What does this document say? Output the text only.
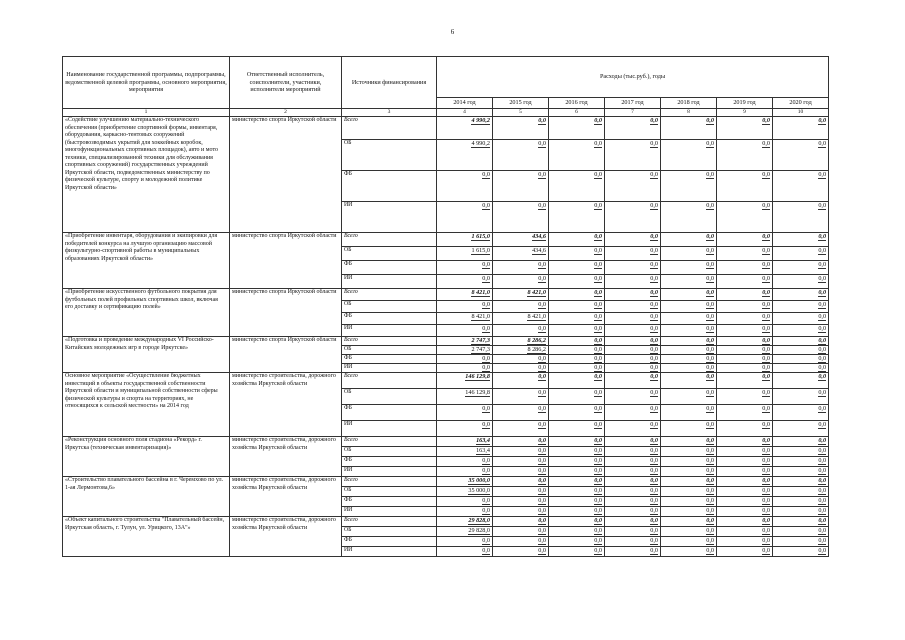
6
Наименование государственной программы, подпрограммы, ведомственной целевой программы, основного мероприятия, мероприятия	Ответственный исполнитель, соисполнители, участники, исполнители мероприятий	Источники финансирования	Расходы (тыс.руб.), годы						
			2014 год	2015 год	2016 год	2017 год	2018 год	2019 год	2020 год
1	2	3	4	5	6	7	8	9	10
«Содействие улучшению материально-технического обеспечения (приобретение спортивной формы, инвентаря, оборудования, каркасно-тентовых сооружений (быстровозводимых укрытий для хоккейных коробок, многофункциональных спортивных площадок), авто и мото техники, специализированной техники для обслуживания спортивных сооружений) государственных учреждений Иркутской области, подведомственных министерству по физической культуре, спорту и молодежной политике Иркутской области»	министерство спорта Иркутской области	Всего	4 990,2	0,0	0,0	0,0	0,0	0,0	0,0
		ОБ	4 990,2	0,0	0,0	0,0	0,0	0,0	0,0
		ФБ	0,0	0,0	0,0	0,0	0,0	0,0	0,0
		ИИ	0,0	0,0	0,0	0,0	0,0	0,0	0,0
«Приобретение инвентаря, оборудования и экипировки для победителей конкурса на лучшую организацию массовой физкультурно-спортивной работы в муниципальных образованиях Иркутской области»	министерство спорта Иркутской области	Всего	1 615,0	434,6	0,0	0,0	0,0	0,0	0,0
		ОБ	1 615,0	434,6	0,0	0,0	0,0	0,0	0,0
		ФБ	0,0	0,0	0,0	0,0	0,0	0,0	0,0
		ИИ	0,0	0,0	0,0	0,0	0,0	0,0	0,0
«Приобретение искусственного футбольного покрытия для футбольных полей профильных спортивных школ, включая его доставку и сертификацию полей»	министерство спорта Иркутской области	Всего	8 421,0	8 421,0	0,0	0,0	0,0	0,0	0,0
		ОБ	0,0	0,0	0,0	0,0	0,0	0,0	0,0
		ФБ	8 421,0	8 421,0	0,0	0,0	0,0	0,0	0,0
		ИИ	0,0	0,0	0,0	0,0	0,0	0,0	0,0
«Подготовка и проведение международных VI Российско-Китайских молодежных игр в городе Иркутске»	министерство спорта Иркутской области	Всего	2 747,3	8 286,2	0,0	0,0	0,0	0,0	0,0
		ОБ	2 747,3	8 286,2	0,0	0,0	0,0	0,0	0,0
		ФБ	0,0	0,0	0,0	0,0	0,0	0,0	0,0
		ИИ	0,0	0,0	0,0	0,0	0,0	0,0	0,0
Основное мероприятие «Осуществление бюджетных инвестиций в объекты государственной собственности Иркутской области и муниципальной собственности сферы физической культуры и спорта на территориях, не относящихся к сельской местности» на 2014 год	министерство строительства, дорожного хозяйства Иркутской области	Всего	146 129,8	0,0	0,0	0,0	0,0	0,0	0,0
		ОБ	146 129,8	0,0	0,0	0,0	0,0	0,0	0,0
		ФБ	0,0	0,0	0,0	0,0	0,0	0,0	0,0
		ИИ	0,0	0,0	0,0	0,0	0,0	0,0	0,0
«Реконструкция основного поля стадиона «Рекорд» г. Иркутска (техническая инвентаризация)»	министерство строительства, дорожного хозяйства Иркутской области	Всего	163,4	0,0	0,0	0,0	0,0	0,0	0,0
		ОБ	163,4	0,0	0,0	0,0	0,0	0,0	0,0
		ФБ	0,0	0,0	0,0	0,0	0,0	0,0	0,0
		ИИ	0,0	0,0	0,0	0,0	0,0	0,0	0,0
«Строительство плавательного бассейна в г. Черемхово по ул. 1-ая Лермонтова,6»	министерство строительства, дорожного хозяйства Иркутской области	Всего	35 000,0	0,0	0,0	0,0	0,0	0,0	0,0
		ОБ	35 000,0	0,0	0,0	0,0	0,0	0,0	0,0
		ФБ	0,0	0,0	0,0	0,0	0,0	0,0	0,0
		ИИ	0,0	0,0	0,0	0,0	0,0	0,0	0,0
«Объект капитального строительства "Плавательный бассейн, Иркутская область, г. Тулун, ул. Урицкого, 13А"»	министерство строительства, дорожного хозяйства Иркутской области	Всего	29 828,0	0,0	0,0	0,0	0,0	0,0	0,0
		ОБ	29 828,0	0,0	0,0	0,0	0,0	0,0	0,0
		ФБ	0,0	0,0	0,0	0,0	0,0	0,0	0,0
		ИИ	0,0	0,0	0,0	0,0	0,0	0,0	0,0
